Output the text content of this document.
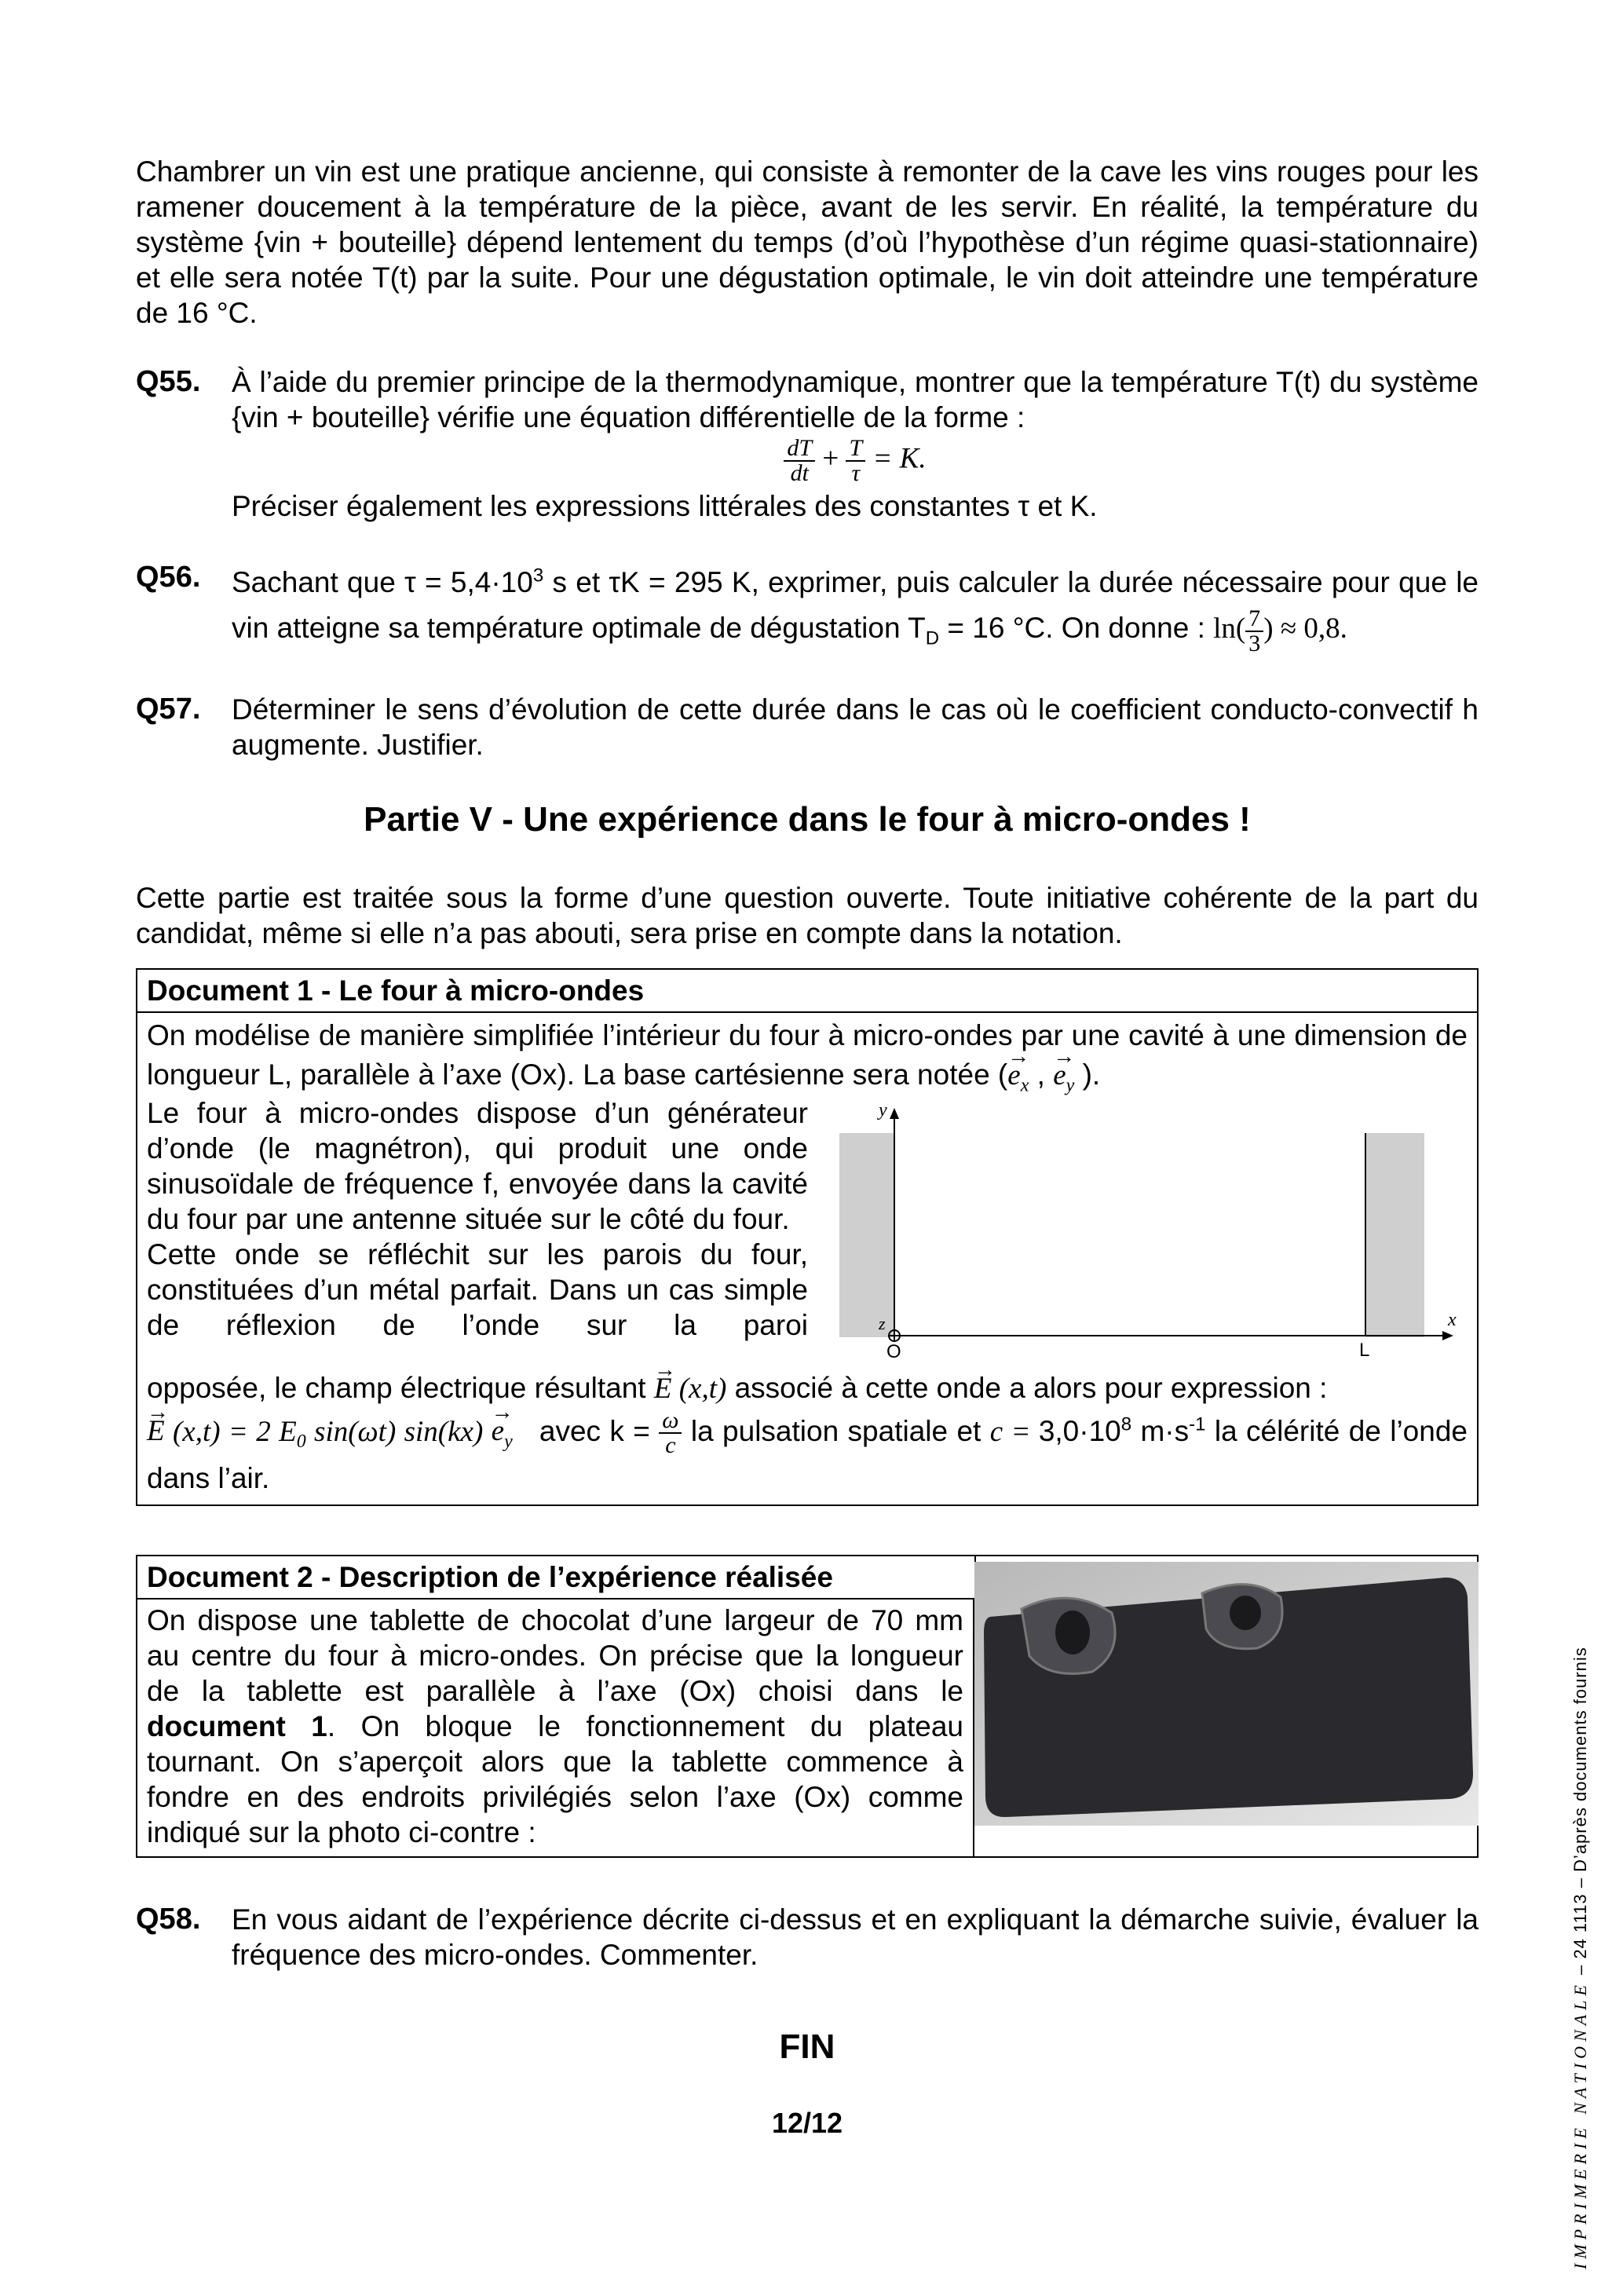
Chambrer un vin est une pratique ancienne, qui consiste à remonter de la cave les vins rouges pour les ramener doucement à la température de la pièce, avant de les servir. En réalité, la température du système {vin + bouteille} dépend lentement du temps (d’où l’hypothèse d’un régime quasi-stationnaire) et elle sera notée T(t) par la suite. Pour une dégustation optimale, le vin doit atteindre une température de 16 °C.

Q55.	À l’aide du premier principe de la thermodynamique, montrer que la température T(t) du système {vin + bouteille} vérifie une équation différentielle de la forme :

$\frac{dT}{dt} + \frac{T}{\tau} = K$.

Préciser également les expressions littérales des constantes τ et K.

Q56.	Sachant que $\tau = 5,4\cdot 10^3$ s et τK = 295 K, exprimer, puis calculer la durée nécessaire pour que le vin atteigne sa température optimale de dégustation $T_D = 16$ °C. On donne : $\ln( \frac{7}{3}$ ) ≈ 0,8.

Q57.	Déterminer le sens d’évolution de cette durée dans le cas où le coefficient conducto-convectif h augmente. Justifier.

Partie V - Une expérience dans le four à micro-ondes !

Cette partie est traitée sous la forme d’une question ouverte. Toute initiative cohérente de la part du candidat, même si elle n’a pas abouti, sera prise en compte dans la notation.

Document 1 - Le four à micro-ondes

On modélise de manière simplifiée l’intérieur du four à micro-ondes par une cavité à une dimension de longueur L, parallèle à l’axe (Ox). La base cartésienne sera notée (→ $e_x$ , → $e_y$ ).

Le four à micro-ondes dispose d’un générateur d’onde (le magnétron), qui produit une onde sinusoïdale de fréquence f, envoyée dans la cavité du four par une antenne située sur le côté du four.

Cette onde se réfléchit sur les parois du four, constituées d’un métal parfait. Dans un cas simple de réflexion de l’onde sur la paroi

y
x
z
O	L

opposée, le champ électrique résultant → E (x,t) associé à cette onde a alors pour expression :

→ E (x,t) = 2 $E_0$ sin(ωt) $\sin(kx) \to e_y$   avec $k = \frac{\omega}{c}$ la pulsation spatiale et $c = 3,0\cdot 10^8$ $m\cdot s^{-1}$ la célérité de l’onde dans l’air.

Document 2 - Description de l’expérience réalisée

On dispose une tablette de chocolat d’une largeur de 70 mm au centre du four à micro-ondes. On précise que la longueur de la tablette est parallèle à l’axe (Ox) choisi dans le document 1. On bloque le fonctionnement du plateau tournant. On s’aperçoit alors que la tablette commence à fondre en des endroits privilégiés selon l’axe (Ox) comme indiqué sur la photo ci-contre :

Q58.	En vous aidant de l’expérience décrite ci-dessus et en expliquant la démarche suivie, évaluer la fréquence des micro-ondes. Commenter.

FIN
12/12	IMPRIMERIE NATIONALE – 24 1113 – D’après documents fournis
